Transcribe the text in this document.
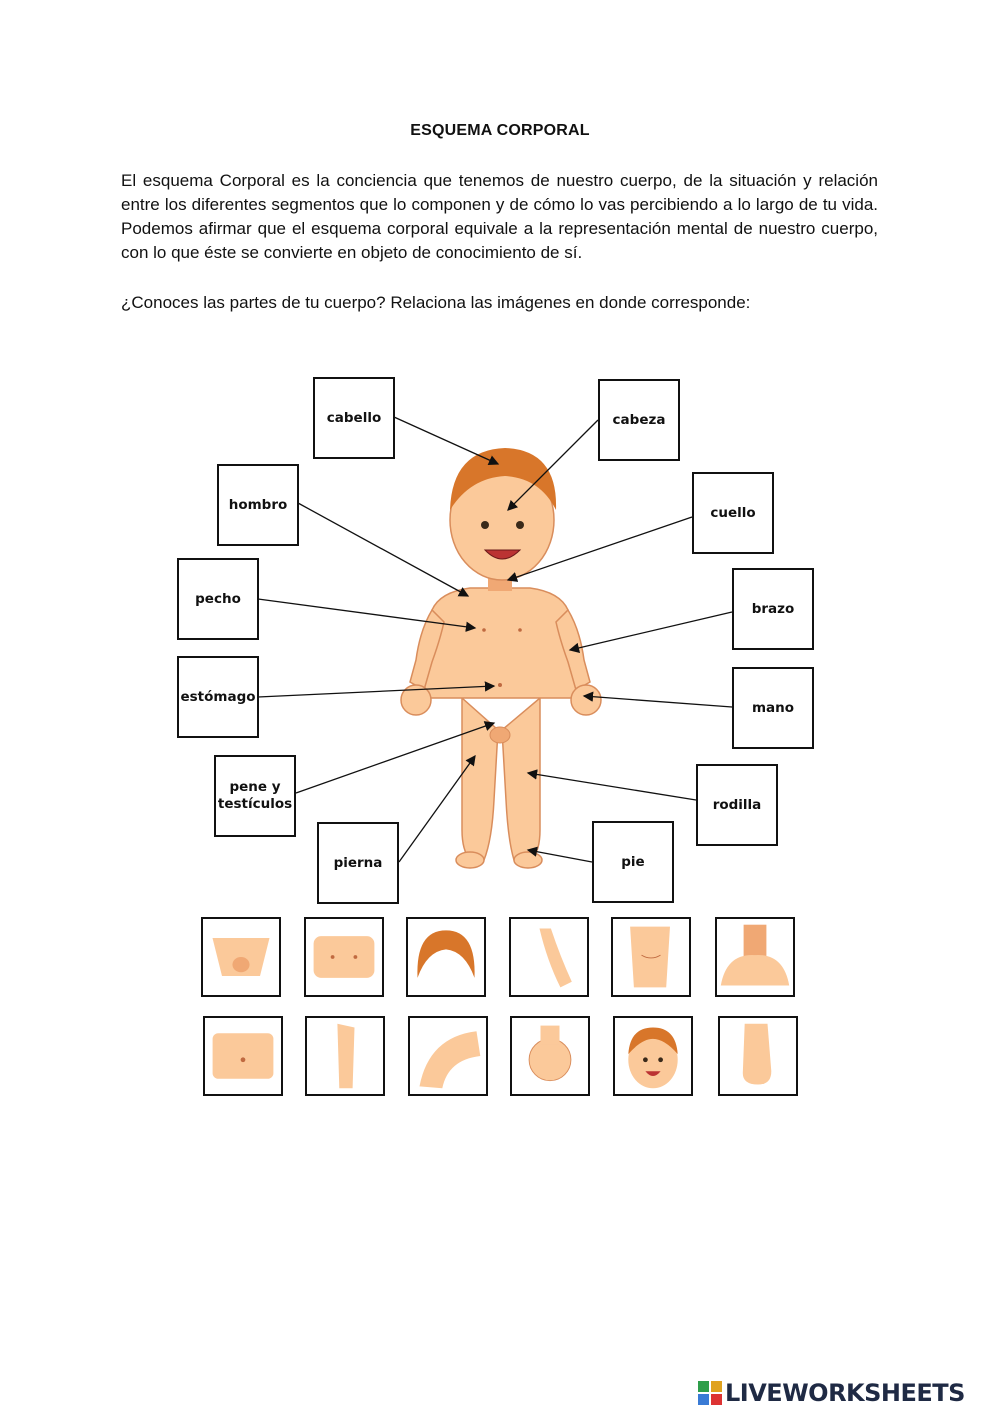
ESQUEMA CORPORAL

El esquema Corporal es la conciencia que tenemos de nuestro cuerpo, de la situación y relación entre los diferentes segmentos que lo componen y de cómo lo vas percibiendo a lo largo de tu vida. Podemos afirmar que el esquema corporal equivale a la representación mental de nuestro cuerpo, con lo que éste se convierte en objeto de conocimiento de sí.

¿Conoces las partes de tu cuerpo? Relaciona las imágenes en donde corresponde:

cabello	cabeza
hombro	cuello
pecho
brazo
estómago
mano
pene y testículos	rodilla
pierna	pie
LIVEWORKSHEETS
